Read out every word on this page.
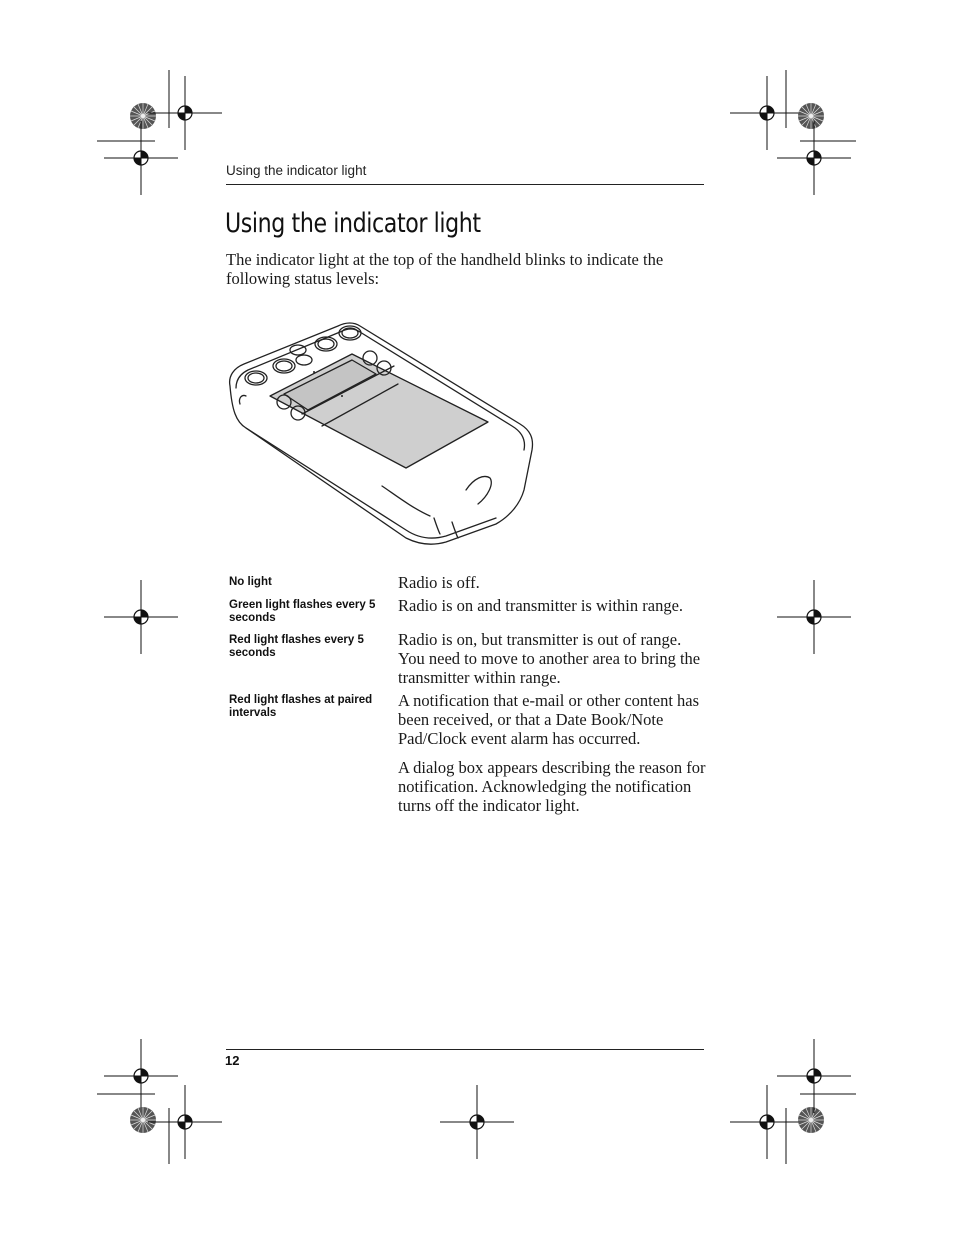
Using the indicator light
Using the indicator light

The indicator light at the top of the handheld blinks to indicate the following status levels:

No light	Radio is off.
Green light flashes every 5 seconds
Radio is on and transmitter is within range.
Red light flashes every 5 seconds
Radio is on, but transmitter is out of range. You need to move to another area to bring the transmitter within range.
Red light flashes at paired intervals
A notification that e-mail or other content has been received, or that a Date Book/Note Pad/Clock event alarm has occurred.
A dialog box appears describing the reason for notification. Acknowledging the notification turns off the indicator light.
12
